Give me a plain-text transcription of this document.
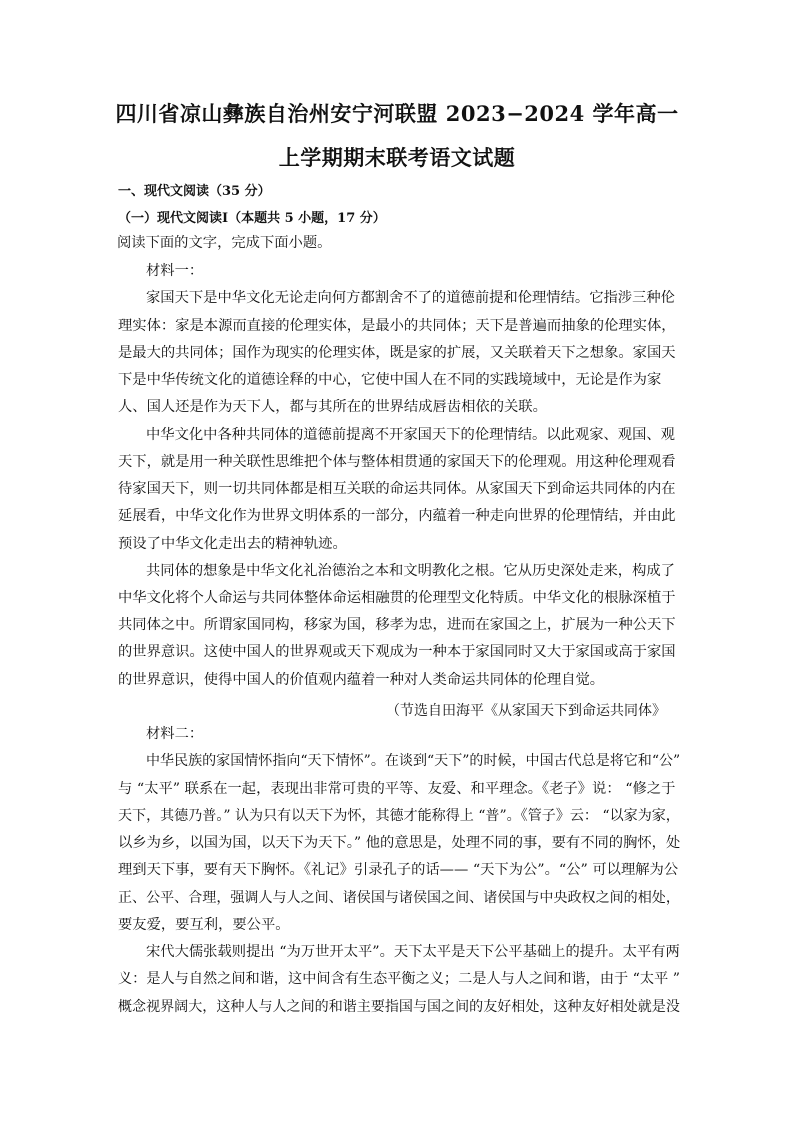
四川省凉山彝族自治州安宁河联盟 2023−2024 学年高一
上学期期末联考语文试题
一、现代文阅读（35 分）
（一）现代文阅读Ⅰ（本题共 5 小题，17 分）
阅读下面的文字，完成下面小题。
材料一：
家国天下是中华文化无论走向何方都割舍不了的道德前提和伦理情结。它指涉三种伦
理实体：家是本源而直接的伦理实体，是最小的共同体；天下是普遍而抽象的伦理实体，
是最大的共同体；国作为现实的伦理实体，既是家的扩展，又关联着天下之想象。家国天
下是中华传统文化的道德诠释的中心，它使中国人在不同的实践境域中，无论是作为家
人、国人还是作为天下人，都与其所在的世界结成唇齿相依的关联。
中华文化中各种共同体的道德前提离不开家国天下的伦理情结。以此观家、观国、观
天下，就是用一种关联性思维把个体与整体相贯通的家国天下的伦理观。用这种伦理观看
待家国天下，则一切共同体都是相互关联的命运共同体。从家国天下到命运共同体的内在
延展看，中华文化作为世界文明体系的一部分，内蕴着一种走向世界的伦理情结，并由此
预设了中华文化走出去的精神轨迹。
共同体的想象是中华文化礼治德治之本和文明教化之根。它从历史深处走来，构成了
中华文化将个人命运与共同体整体命运相融贯的伦理型文化特质。中华文化的根脉深植于
共同体之中。所谓家国同构，移家为国，移孝为忠，进而在家国之上，扩展为一种公天下
的世界意识。这使中国人的世界观或天下观成为一种本于家国同时又大于家国或高于家国
的世界意识，使得中国人的价值观内蕴着一种对人类命运共同体的伦理自觉。
（节选自田海平《从家国天下到命运共同体》
材料二：
中华民族的家国情怀指向“天下情怀”。在谈到“天下”的时候，中国古代总是将它和“公”
与 “太平” 联系在一起，表现出非常可贵的平等、友爱、和平理念。《老子》说： “修之于
天下，其德乃普。” 认为只有以天下为怀，其德才能称得上 “普”。《管子》云： “以家为家，
以乡为乡，以国为国，以天下为天下。” 他的意思是，处理不同的事，要有不同的胸怀，处
理到天下事，要有天下胸怀。《礼记》引录孔子的话—— “天下为公”。“公” 可以理解为公
正、公平、合理，强调人与人之间、诸侯国与诸侯国之间、诸侯国与中央政权之间的相处，
要友爱，要互利，要公平。
宋代大儒张载则提出 “为万世开太平”。天下太平是天下公平基础上的提升。太平有两
义：是人与自然之间和谐，这中间含有生态平衡之义；二是人与人之间和谐，由于 “太平 ”
概念视界阔大，这种人与人之间的和谐主要指国与国之间的友好相处，这种友好相处就是没
